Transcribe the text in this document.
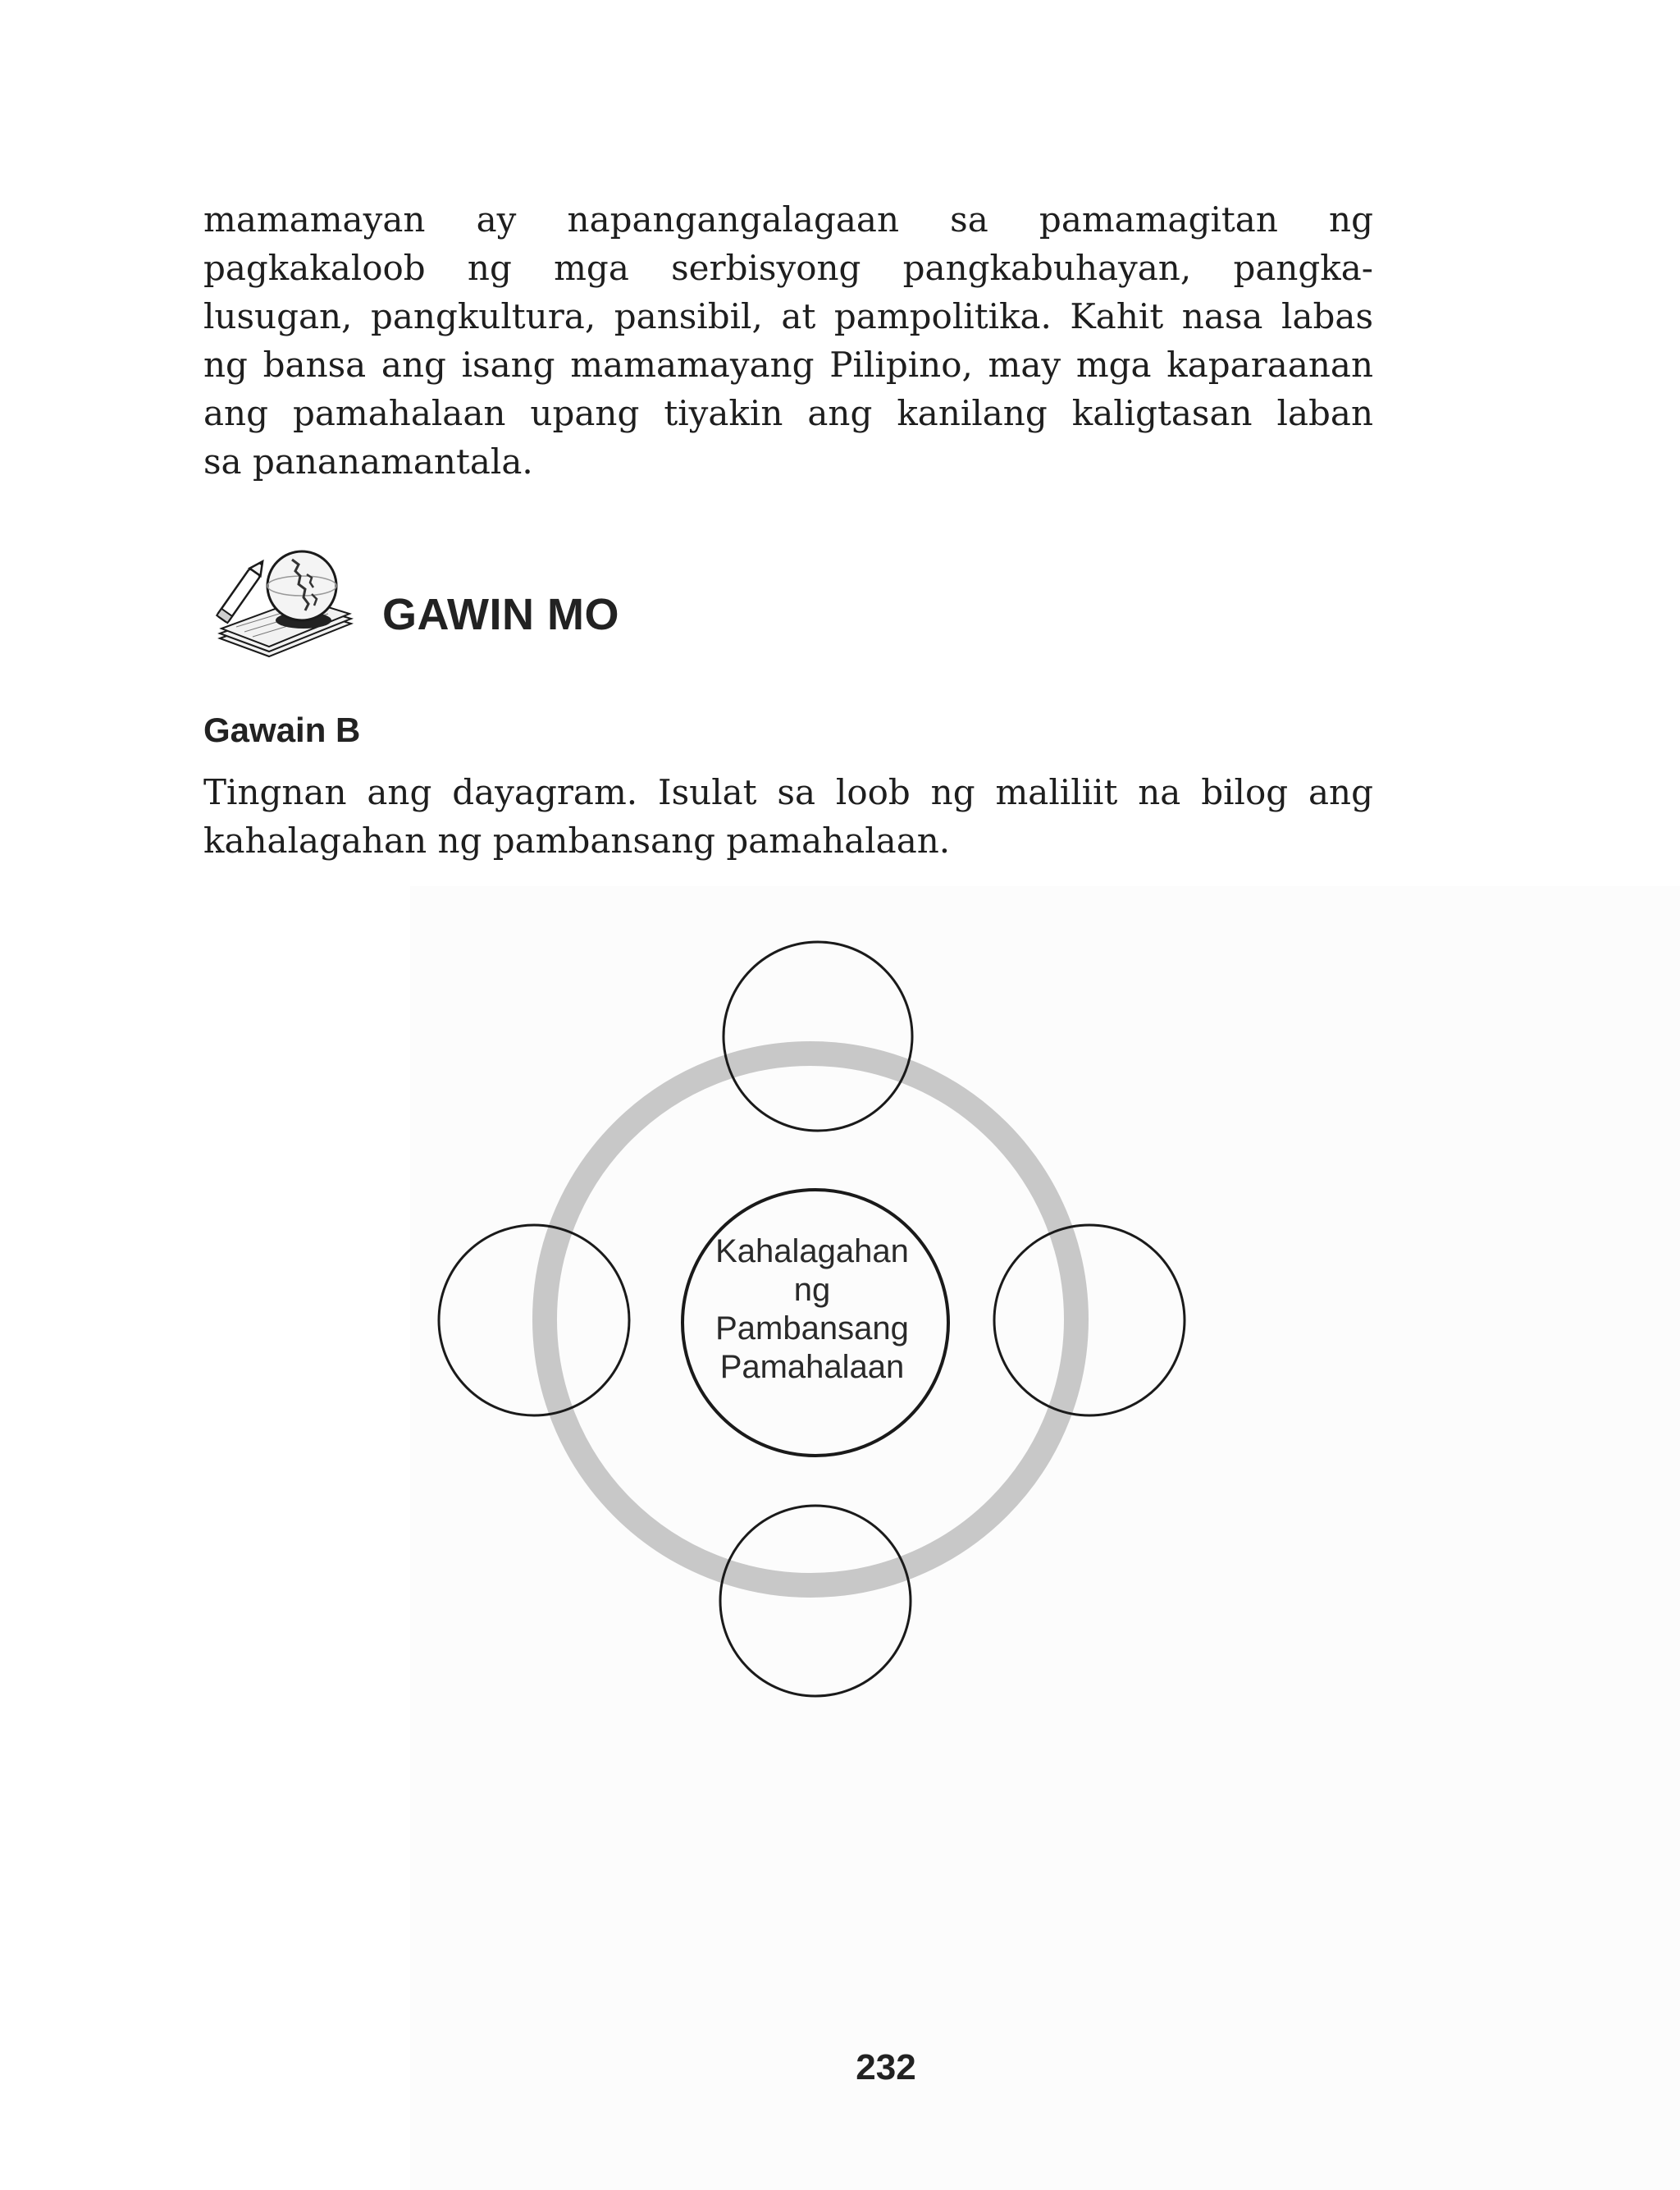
mamamayan ay napangangalagaan sa pamamagitan ng
pagkakaloob ng mga serbisyong pangkabuhayan, pangka-
lusugan, pangkultura, pansibil, at pampolitika. Kahit nasa labas
ng bansa ang isang mamamayang Pilipino, may mga kaparaanan
ang pamahalaan upang tiyakin ang kanilang kaligtasan laban
sa pananamantala.

GAWIN MO
Gawain B

Tingnan ang dayagram. Isulat sa loob ng maliliit na bilog ang
kahalagahan ng pambansang pamahalaan.

Kahalagahan
ng
Pambansang
Pamahalaan
232
